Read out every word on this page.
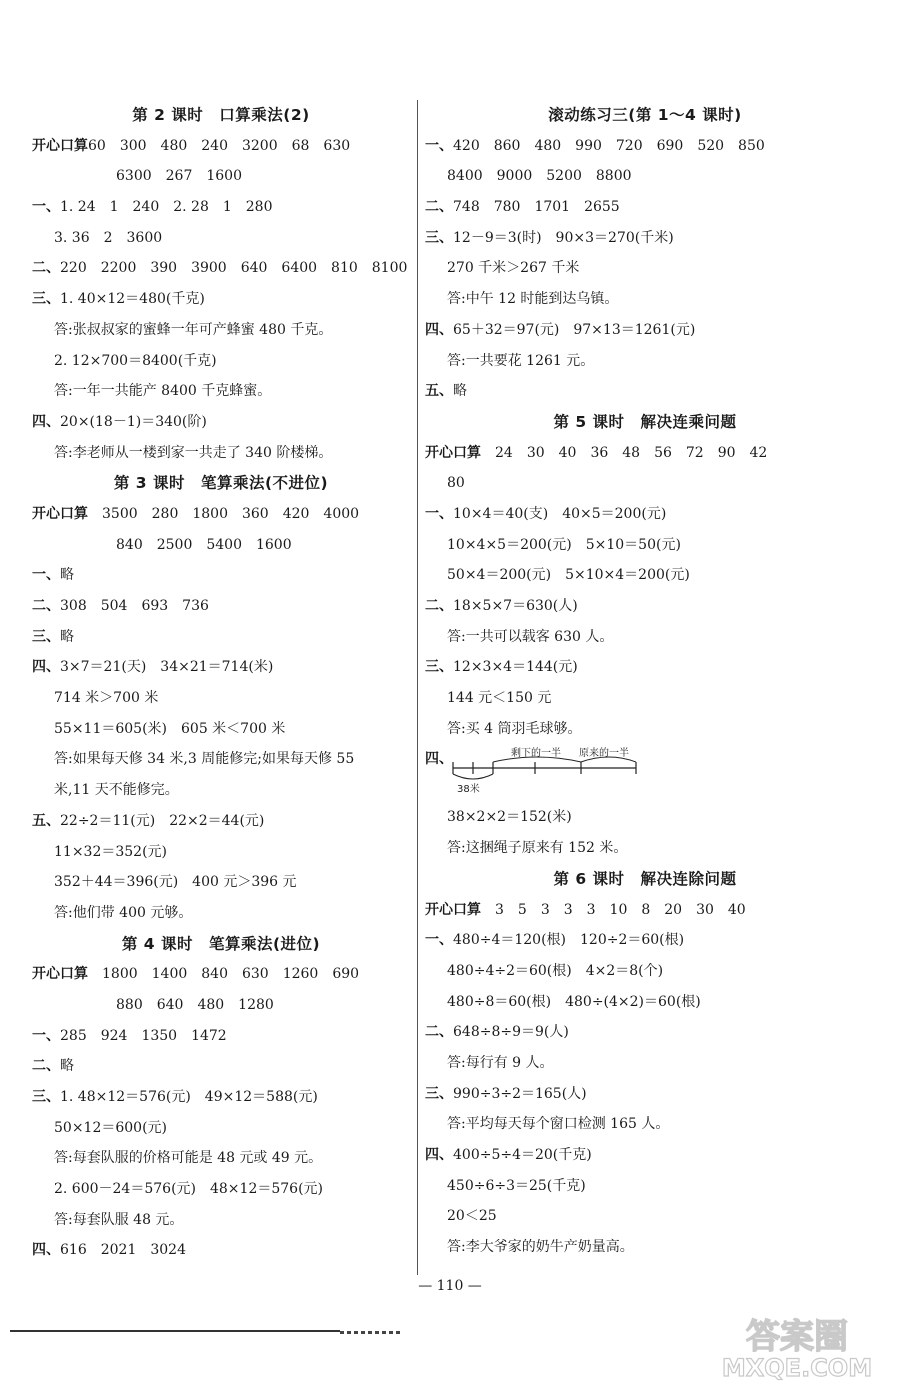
第 2 课时　口算乘法(2)
开心口算60　300　480　240　3200　68　630
6300　267　1600
一、1. 24　1　240　2. 28　1　280
3. 36　2　3600
二、220　2200　390　3900　640　6400　810　8100
三、1. 40×12＝480(千克)
答:张叔叔家的蜜蜂一年可产蜂蜜 480 千克。
2. 12×700＝8400(千克)
答:一年一共能产 8400 千克蜂蜜。
四、20×(18－1)＝340(阶)
答:李老师从一楼到家一共走了 340 阶楼梯。
第 3 课时　笔算乘法(不进位)
开心口算　3500　280　1800　360　420　4000
840　2500　5400　1600
一、略
二、308　504　693　736
三、略
四、3×7＝21(天)　34×21＝714(米)
714 米＞700 米
55×11＝605(米)　605 米＜700 米
答:如果每天修 34 米,3 周能修完;如果每天修 55
米,11 天不能修完。
五、22÷2＝11(元)　22×2＝44(元)
11×32＝352(元)
352＋44＝396(元)　400 元＞396 元
答:他们带 400 元够。
第 4 课时　笔算乘法(进位)
开心口算　1800　1400　840　630　1260　690
880　640　480　1280
一、285　924　1350　1472
二、略
三、1. 48×12＝576(元)　49×12＝588(元)
50×12＝600(元)
答:每套队服的价格可能是 48 元或 49 元。
2. 600－24＝576(元)　48×12＝576(元)
答:每套队服 48 元。
四、616　2021　3024
滚动练习三(第 1～4 课时)
一、420　860　480　990　720　690　520　850
8400　9000　5200　8800
二、748　780　1701　2655
三、12－9＝3(时)　90×3＝270(千米)
270 千米＞267 千米
答:中午 12 时能到达乌镇。
四、65＋32＝97(元)　97×13＝1261(元)
答:一共要花 1261 元。
五、略
第 5 课时　解决连乘问题
开心口算　24　30　40　36　48　56　72　90　42
80
一、10×4＝40(支)　40×5＝200(元)
10×4×5＝200(元)　5×10＝50(元)
50×4＝200(元)　5×10×4＝200(元)
二、18×5×7＝630(人)
答:一共可以载客 630 人。
三、12×3×4＝144(元)
144 元＜150 元
答:买 4 筒羽毛球够。
四、	剩下的一半 原来的一半
38米
38×2×2＝152(米)
答:这捆绳子原来有 152 米。
第 6 课时　解决连除问题
开心口算　3　5　3　3　3　10　8　20　30　40
一、480÷4＝120(根)　120÷2＝60(根)
480÷4÷2＝60(根)　4×2＝8(个)
480÷8＝60(根)　480÷(4×2)＝60(根)
二、648÷8÷9＝9(人)
答:每行有 9 人。
三、990÷3÷2＝165(人)
答:平均每天每个窗口检测 165 人。
四、400÷5÷4＝20(千克)
450÷6÷3＝25(千克)
20＜25
答:李大爷家的奶牛产奶量高。
— 110 —
答案圈
MXQE.COM
